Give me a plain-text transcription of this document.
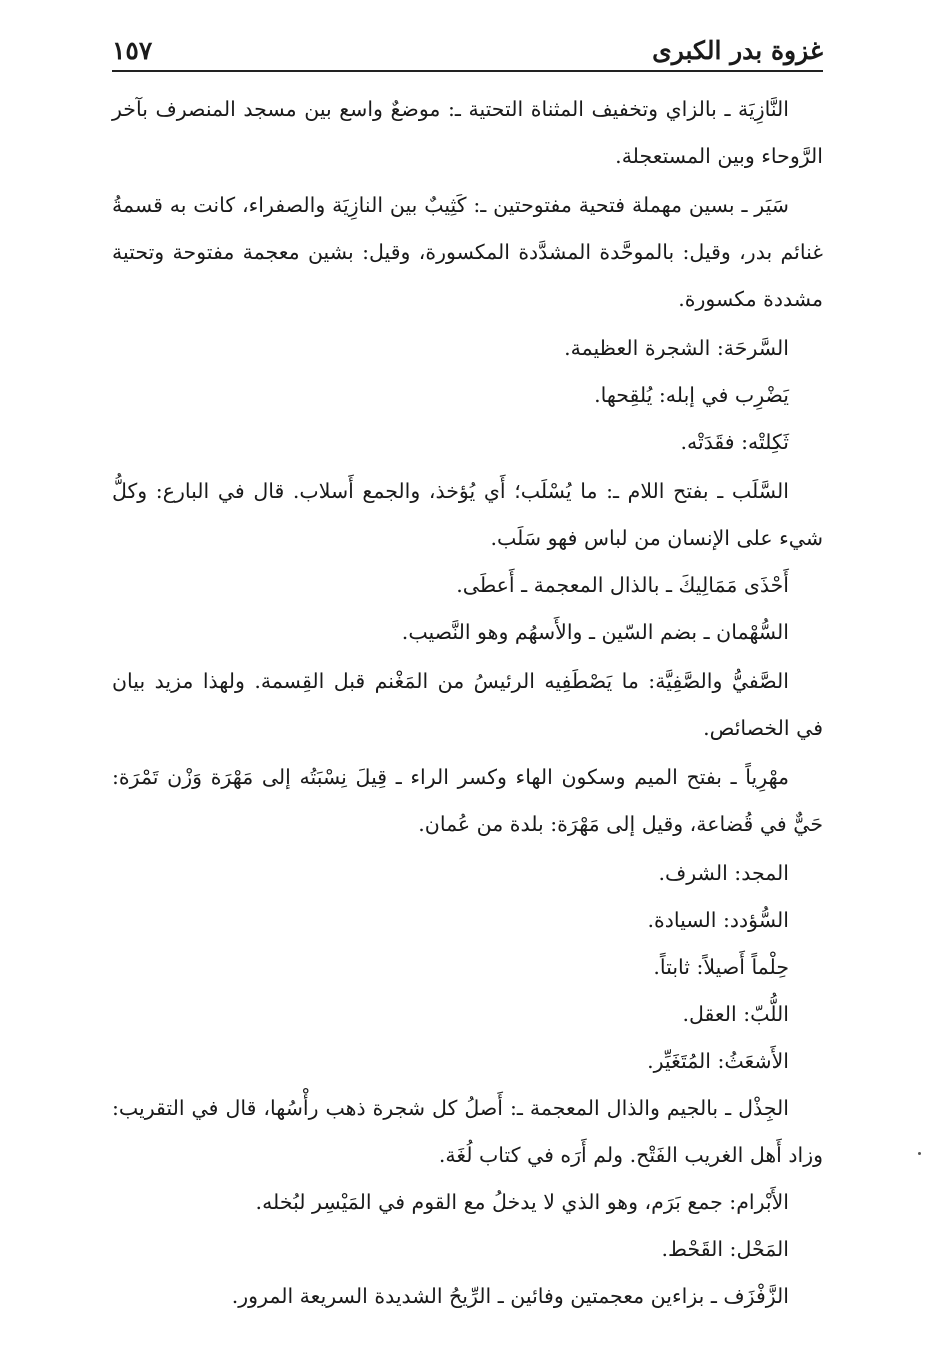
غزوة بدر الكبرى
١٥٧

النَّازِيَة ـ بالزاي وتخفيف المثناة التحتية ـ: موضعٌ واسع بين مسجد المنصرف بآخر الرَّوحاء وبين المستعجلة.

سَيَر ـ بسين مهملة فتحية مفتوحتين ـ: كَثِيبٌ بين النازِيَة والصفراء، كانت به قسمةُ غنائم بدر، وقيل: بالموحَّدة المشدَّدة المكسورة، وقيل: بشين معجمة مفتوحة وتحتية مشددة مكسورة.

السَّرحَة: الشجرة العظيمة.

يَضْرِب في إبله: يُلقِحها.

ثَكِلتْه: فقَدَتْه.

السَّلَب ـ بفتح اللام ـ: ما يُسْلَب؛ أَي يُؤخذ، والجمع أَسلاب. قال في البارع: وكلُّ شيء على الإنسان من لباس فهو سَلَب.

أَحْذَى مَمَالِيكَ ـ بالذال المعجمة ـ أَعطَى.

السُّهْمان ـ بضم السّين ـ والأَسهُم وهو النَّصيب.

الصَّفيُّ والصَّفِيَّة: ما يَصْطَفِيه الرئيسُ من المَغْنم قبل القِسمة. ولهذا مزيد بيان في الخصائص.

مهْرِياً ـ بفتح الميم وسكون الهاء وكسر الراء ـ قِيلَ نِسْبَتُه إلى مَهْرَة وَزْن تَمْرَة: حَيٌّ في قُضاعة، وقيل إلى مَهْرَة: بلدة من عُمان.

المجد: الشرف.

السُّؤدد: السيادة.

حِلْماً أَصيلاً: ثابتاً.

اللُّبّ: العقل.

الأَشعَثُ: المُتَغَيِّر.

الجِذْل ـ بالجيم والذال المعجمة ـ: أَصلُ كل شجرة ذهب رأْسُها، قال في التقريب: وزاد أَهل الغريب الفَتْح. ولم أَرَه في كتاب لُغَة.

الأَبْرام: جمع بَرَم، وهو الذي لا يدخلُ مع القوم في المَيْسِر لبُخله.

المَحْل: القَحْط.

الزَّفْزَف ـ بزاءين معجمتين وفائين ـ الرِّيحُ الشديدة السريعة المرور.
